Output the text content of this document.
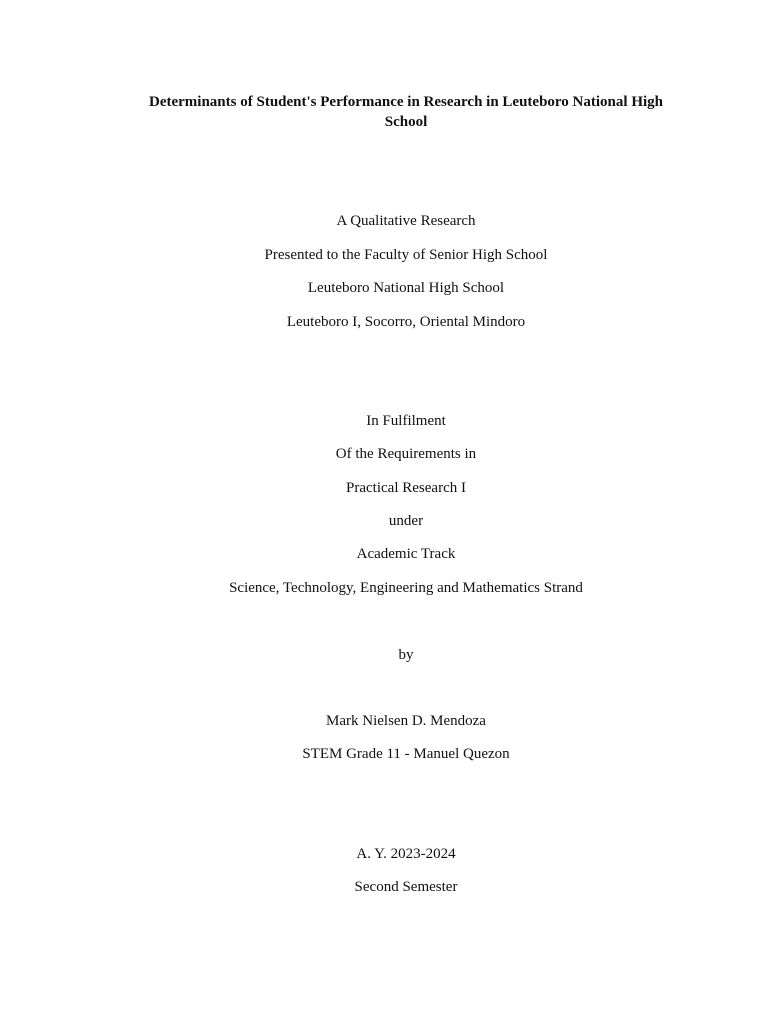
Determinants of Student's Performance in Research in Leuteboro National High School
A Qualitative Research
Presented to the Faculty of Senior High School
Leuteboro National High School
Leuteboro I, Socorro, Oriental Mindoro
In Fulfilment
Of the Requirements in
Practical Research I
under
Academic Track
Science, Technology, Engineering and Mathematics Strand
by
Mark Nielsen D. Mendoza
STEM Grade 11 - Manuel Quezon
A. Y. 2023-2024
Second Semester
